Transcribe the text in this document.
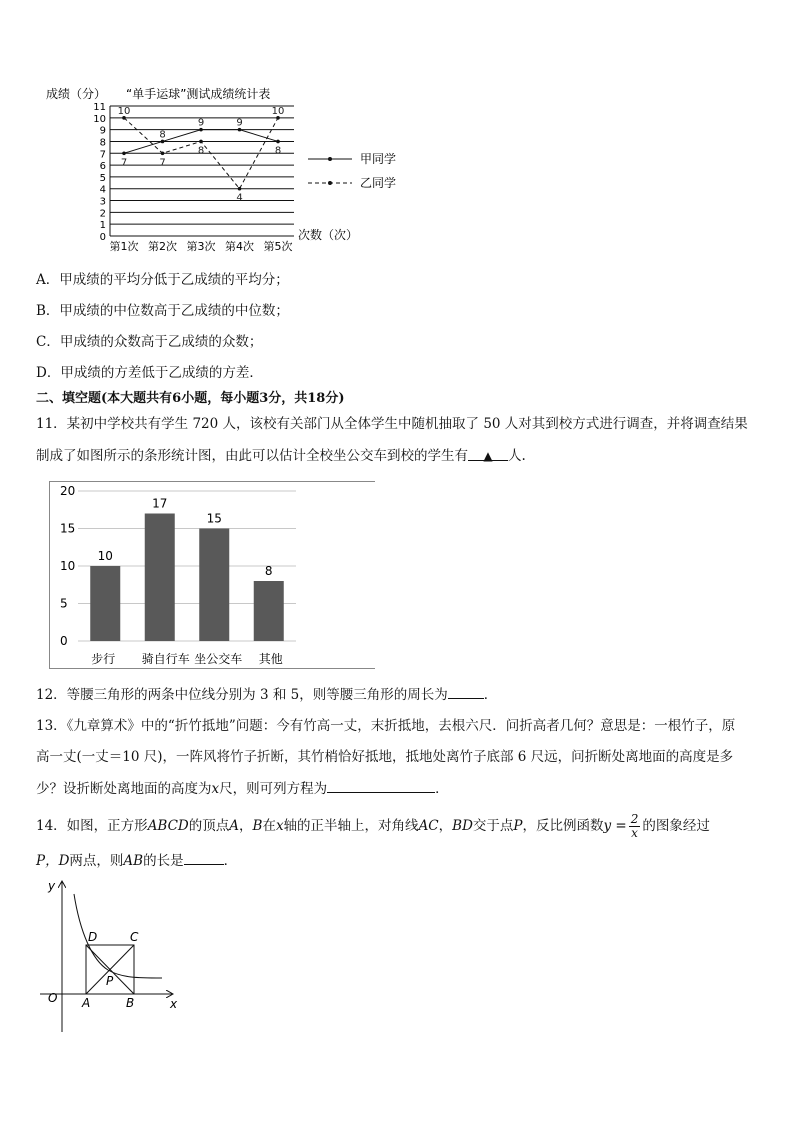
成绩（分） “单手运球”测试成绩统计表
0
1
2
3
4
5
6
7
8
9
10
11
第1次 第2次 第3次 第4次 第5次
7
8
9	9
8
10
7
8
4
10
次数（次）
甲同学
乙同学
A．甲成绩的平均分低于乙成绩的平均分；
B．甲成绩的中位数高于乙成绩的中位数；
C．甲成绩的众数高于乙成绩的众数；
D．甲成绩的方差低于乙成绩的方差．
二、填空题(本大题共有6小题，每小题3分，共18分)
11．某初中学校共有学生 720 人，该校有关部门从全体学生中随机抽取了 50 人对其到校方式进行调查，并将调查结果
制成了如图所示的条形统计图，由此可以估计全校坐公交车到校的学生有 ▲ 人.
20
15
10
5
0
10
17
15
8
步行 骑自行车 坐公交车 其他
12．等腰三角形的两条中位线分别为 3 和 5，则等腰三角形的周长为	．
13．《九章算术》中的“折竹抵地”问题：今有竹高一丈，末折抵地，去根六尺．问折高者几何？意思是：一根竹子，原
高一丈(一丈＝10 尺)，一阵风将竹子折断，其竹梢恰好抵地，抵地处离竹子底部 6 尺远，问折断处离地面的高度是多
少？设折断处离地面的高度为x尺，则可列方程为	．
14．如图，正方形ABCD的顶点A，B在x轴的正半轴上，对角线AC，BD交于点P，反比例函数$y = \frac{2}{x}$ 的图象经过
P，D两点，则AB的长是	．
y
x
O A	B
C
D
P
